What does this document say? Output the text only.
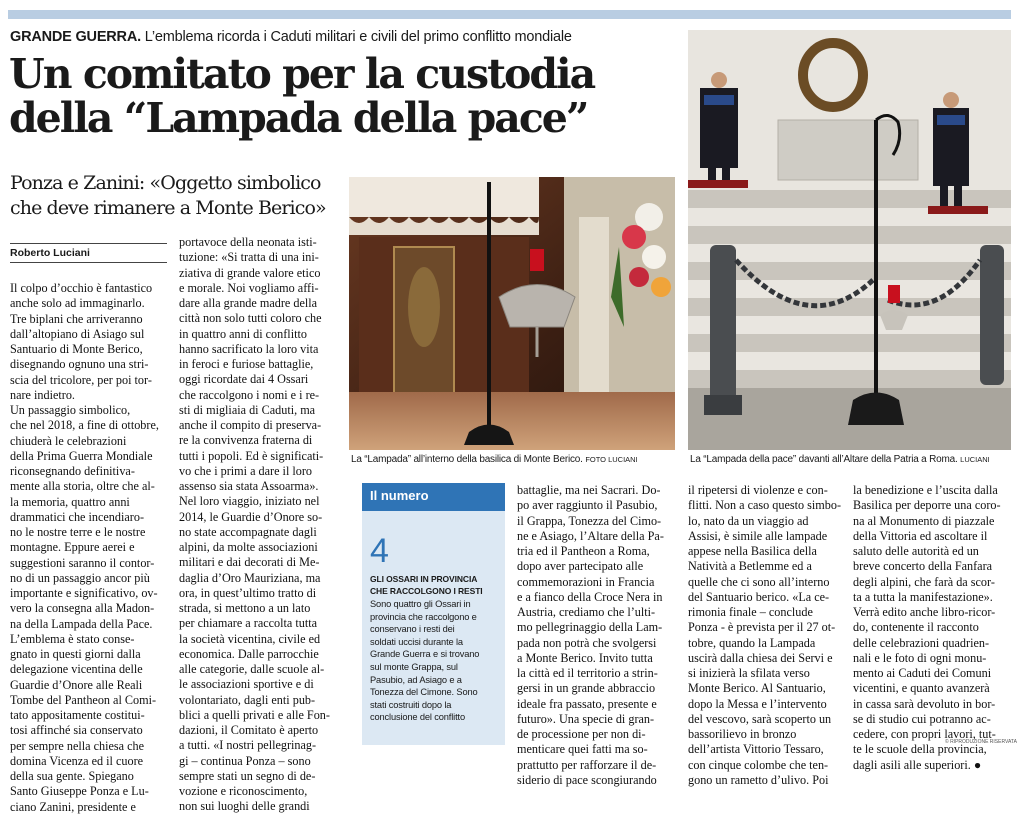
GRANDE GUERRA. L’emblema ricorda i Caduti militari e civili del primo conflitto mondiale
Un comitato per la custodia
della “Lampada della pace”
Ponza e Zanini: «Oggetto simbolico
che deve rimanere a Monte Berico»
Roberto Luciani
Il colpo d’occhio è fantastico
anche solo ad immaginarlo.
Tre biplani che arriveranno
dall’altopiano di Asiago sul
Santuario di Monte Berico,
disegnando ognuno una stri-
scia del tricolore, per poi tor-
nare indietro.
Un passaggio simbolico,
che nel 2018, a fine di ottobre,
chiuderà le celebrazioni
della Prima Guerra Mondiale
riconsegnando definitiva-
mente alla storia, oltre che al-
la memoria, quattro anni
drammatici che incendiaro-
no le nostre terre e le nostre
montagne. Eppure aerei e
suggestioni saranno il contor-
no di un passaggio ancor più
importante e significativo, ov-
vero la consegna alla Madon-
na della Lampada della Pace.
L’emblema è stato conse-
gnato in questi giorni dalla
delegazione vicentina delle
Guardie d’Onore alle Reali
Tombe del Pantheon al Comi-
tato appositamente costitui-
tosi affinché sia conservato
per sempre nella chiesa che
domina Vicenza ed il cuore
della sua gente. Spiegano
Santo Giuseppe Ponza e Lu-
ciano Zanini, presidente e
portavoce della neonata isti-
tuzione: «Si tratta di una ini-
ziativa di grande valore etico
e morale. Noi vogliamo affi-
dare alla grande madre della
città non solo tutti coloro che
in quattro anni di conflitto
hanno sacrificato la loro vita
in feroci e furiose battaglie,
oggi ricordate dai 4 Ossari
che raccolgono i nomi e i re-
sti di migliaia di Caduti, ma
anche il compito di preserva-
re la convivenza fraterna di
tutti i popoli. Ed è significati-
vo che i primi a dare il loro
assenso sia stata Assoarma».
Nel loro viaggio, iniziato nel
2014, le Guardie d’Onore so-
no state accompagnate dagli
alpini, da molte associazioni
militari e dai decorati di Me-
daglia d’Oro Mauriziana, ma
ora, in quest’ultimo tratto di
strada, si mettono a un lato
per chiamare a raccolta tutta
la società vicentina, civile ed
economica. Dalle parrocchie
alle categorie, dalle scuole al-
le associazioni sportive e di
volontariato, dagli enti pub-
blici a quelli privati e alle Fon-
dazioni, il Comitato è aperto
a tutti. «I nostri pellegrinag-
gi – continua Ponza – sono
sempre stati un segno di de-
vozione e riconoscimento,
non sui luoghi delle grandi
battaglie, ma nei Sacrari. Do-
po aver raggiunto il Pasubio,
il Grappa, Tonezza del Cimo-
ne e Asiago, l’Altare della Pa-
tria ed il Pantheon a Roma,
dopo aver partecipato alle
commemorazioni in Francia
e a fianco della Croce Nera in
Austria, crediamo che l’ulti-
mo pellegrinaggio della Lam-
pada non potrà che svolgersi
a Monte Berico. Invito tutta
la città ed il territorio a strin-
gersi in un grande abbraccio
ideale fra passato, presente e
futuro». Una specie di gran-
de processione per non di-
menticare quei fatti ma so-
prattutto per rafforzare il de-
siderio di pace scongiurando
il ripetersi di violenze e con-
flitti. Non a caso questo simbo-
lo, nato da un viaggio ad
Assisi, è simile alle lampade
appese nella Basilica della
Natività a Betlemme ed a
quelle che ci sono all’interno
del Santuario berico. «La ce-
rimonia finale – conclude
Ponza - è prevista per il 27 ot-
tobre, quando la Lampada
uscirà dalla chiesa dei Servi e
si inizierà la sfilata verso
Monte Berico. Al Santuario,
dopo la Messa e l’intervento
del vescovo, sarà scoperto un
bassorilievo in bronzo
dell’artista Vittorio Tessaro,
con cinque colombe che ten-
gono un rametto d’ulivo. Poi
la benedizione e l’uscita dalla
Basilica per deporre una coro-
na al Monumento di piazzale
della Vittoria ed ascoltare il
saluto delle autorità ed un
breve concerto della Fanfara
degli alpini, che farà da scor-
ta a tutta la manifestazione».
Verrà edito anche libro-ricor-
do, contenente il racconto
delle celebrazioni quadrien-
nali e le foto di ogni monu-
mento ai Caduti dei Comuni
vicentini, e quanto avanzerà
in cassa sarà devoluto in bor-
se di studio cui potranno ac-
cedere, con propri lavori, tut-
te le scuole della provincia,
dagli asili alle superiori. ●
La “Lampada” all’interno della basilica di Monte Berico. FOTO LUCIANI	La “Lampada della pace” davanti all’Altare della Patria a Roma. LUCIANI
Il numero
4
GLI OSSARI IN PROVINCIA
CHE RACCOLGONO I RESTI
Sono quattro gli Ossari in
provincia che raccolgono e
conservano i resti dei
soldati uccisi durante la
Grande Guerra e si trovano
sul monte Grappa, sul
Pasubio, ad Asiago e a
Tonezza del Cimone. Sono
stati costruiti dopo la
conclusione del conflitto
© RIPRODUZIONE RISERVATA
